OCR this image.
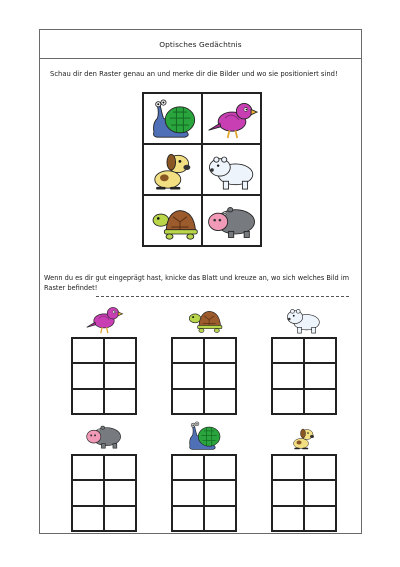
Optisches Gedächtnis
Schau dir den Raster genau an und merke dir die Bilder und wo sie positioniert sind!
Wenn du es dir gut eingeprägt hast, knicke das Blatt und kreuze an, wo sich welches Bild im Raster befindet!
